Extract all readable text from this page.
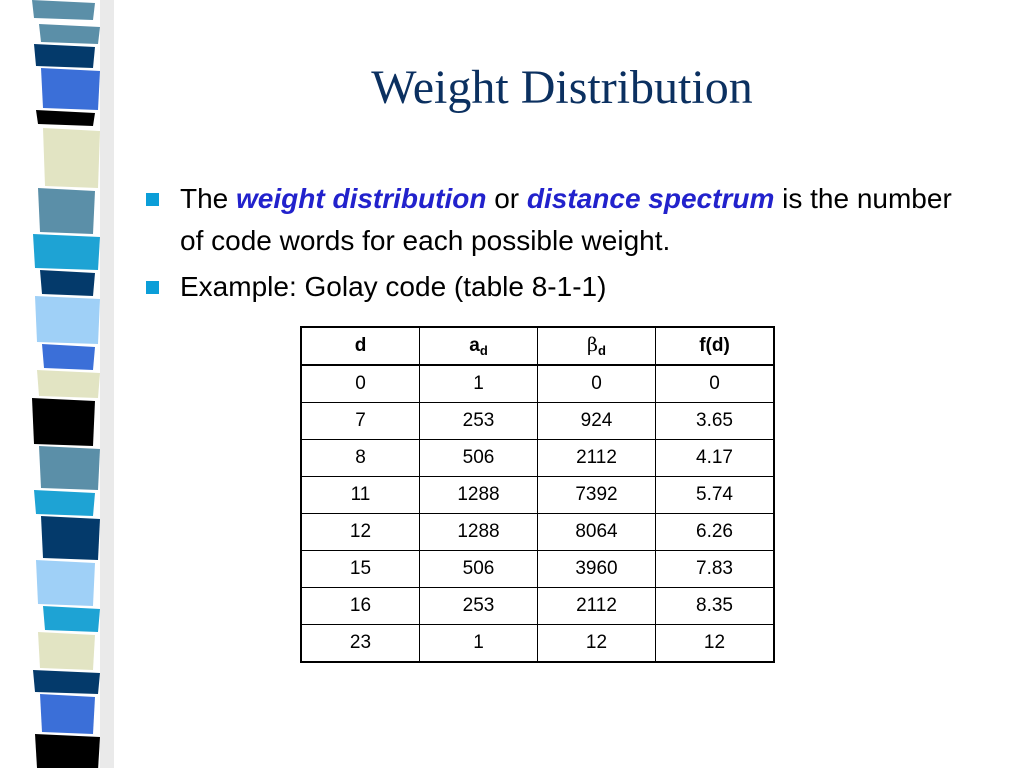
Weight Distribution
The weight distribution or distance spectrum is the number of code words for each possible weight.
Example: Golay code (table 8-1-1)
d	$a_d$	$\beta_d$	f(d)
0	1	0	0
7	253	924	3.65
8	506	2112	4.17
11	1288	7392	5.74
12	1288	8064	6.26
15	506	3960	7.83
16	253	2112	8.35
23	1	12	12
